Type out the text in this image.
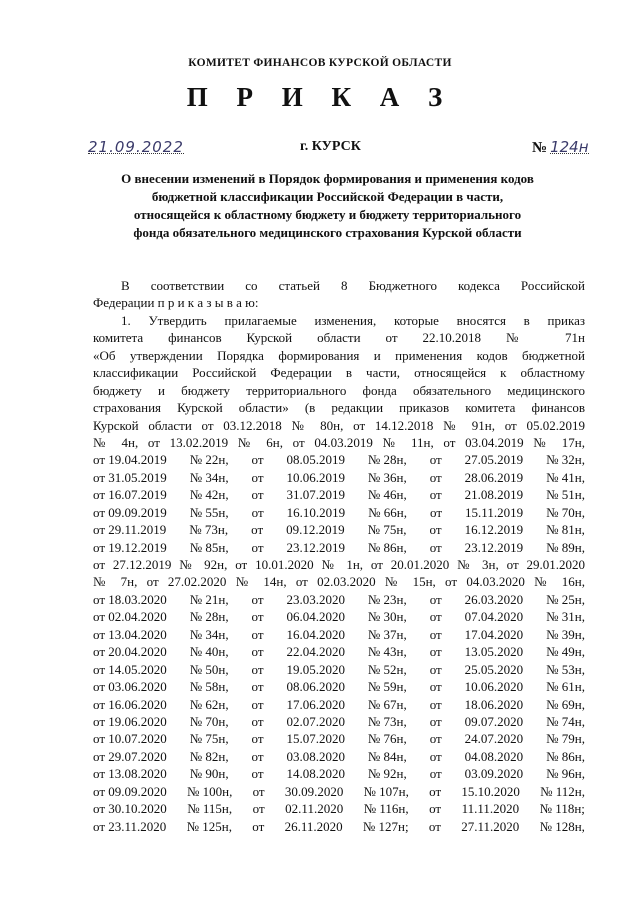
КОМИТЕТ ФИНАНСОВ КУРСКОЙ ОБЛАСТИ
П Р И К А З
21.09.2022	г. КУРСК	№ 124н
О внесении изменений в Порядок формирования и применения кодов
бюджетной классификации Российской Федерации в части,
относящейся к областному бюджету и бюджету территориального
фонда обязательного медицинского страхования Курской области
В соответствии со статьей 8 Бюджетного кодекса Российской
Федерации п р и к а з ы в а ю:
1. Утвердить прилагаемые изменения, которые вносятся в приказ
комитета финансов Курской области от 22.10.2018 № 71н
«Об утверждении Порядка формирования и применения кодов бюджетной
классификации Российской Федерации в части, относящейся к областному
бюджету и бюджету территориального фонда обязательного медицинского
страхования Курской области» (в редакции приказов комитета финансов
Курской области от 03.12.2018 № 80н, от 14.12.2018 № 91н, от 05.02.2019
№ 4н, от 13.02.2019 № 6н, от 04.03.2019 № 11н, от 03.04.2019 № 17н,
от 19.04.2019 № 22н, от 08.05.2019 № 28н, от 27.05.2019 № 32н,
от 31.05.2019 № 34н, от 10.06.2019 № 36н, от 28.06.2019 № 41н,
от 16.07.2019 № 42н, от 31.07.2019 № 46н, от 21.08.2019 № 51н,
от 09.09.2019 № 55н, от 16.10.2019 № 66н, от 15.11.2019 № 70н,
от 29.11.2019 № 73н, от 09.12.2019 № 75н, от 16.12.2019 № 81н,
от 19.12.2019 № 85н, от 23.12.2019 № 86н, от 23.12.2019 № 89н,
от 27.12.2019 № 92н, от 10.01.2020 № 1н, от 20.01.2020 № 3н, от 29.01.2020
№ 7н, от 27.02.2020 № 14н, от 02.03.2020 № 15н, от 04.03.2020 № 16н,
от 18.03.2020 № 21н, от 23.03.2020 № 23н, от 26.03.2020 № 25н,
от 02.04.2020 № 28н, от 06.04.2020 № 30н, от 07.04.2020 № 31н,
от 13.04.2020 № 34н, от 16.04.2020 № 37н, от 17.04.2020 № 39н,
от 20.04.2020 № 40н, от 22.04.2020 № 43н, от 13.05.2020 № 49н,
от 14.05.2020 № 50н, от 19.05.2020 № 52н, от 25.05.2020 № 53н,
от 03.06.2020 № 58н, от 08.06.2020 № 59н, от 10.06.2020 № 61н,
от 16.06.2020 № 62н, от 17.06.2020 № 67н, от 18.06.2020 № 69н,
от 19.06.2020 № 70н, от 02.07.2020 № 73н, от 09.07.2020 № 74н,
от 10.07.2020 № 75н, от 15.07.2020 № 76н, от 24.07.2020 № 79н,
от 29.07.2020 № 82н, от 03.08.2020 № 84н, от 04.08.2020 № 86н,
от 13.08.2020 № 90н, от 14.08.2020 № 92н, от 03.09.2020 № 96н,
от 09.09.2020 № 100н, от 30.09.2020 № 107н, от 15.10.2020 № 112н,
от 30.10.2020 № 115н, от 02.11.2020 № 116н, от 11.11.2020 № 118н;
от 23.11.2020 № 125н, от 26.11.2020 № 127н; от 27.11.2020 № 128н,
